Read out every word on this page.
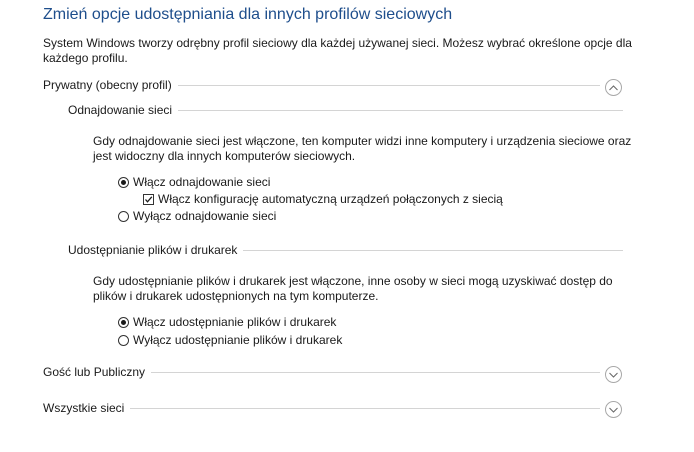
Zmień opcje udostępniania dla innych profilów sieciowych
System Windows tworzy odrębny profil sieciowy dla każdej używanej sieci. Możesz wybrać określone opcje dla każdego profilu.
Prywatny (obecny profil)
Odnajdowanie sieci
Gdy odnajdowanie sieci jest włączone, ten komputer widzi inne komputery i urządzenia sieciowe oraz jest widoczny dla innych komputerów sieciowych.
Włącz odnajdowanie sieci
Włącz konfigurację automatyczną urządzeń połączonych z siecią
Wyłącz odnajdowanie sieci
Udostępnianie plików i drukarek
Gdy udostępnianie plików i drukarek jest włączone, inne osoby w sieci mogą uzyskiwać dostęp do plików i drukarek udostępnionych na tym komputerze.
Włącz udostępnianie plików i drukarek
Wyłącz udostępnianie plików i drukarek
Gość lub Publiczny
Wszystkie sieci
